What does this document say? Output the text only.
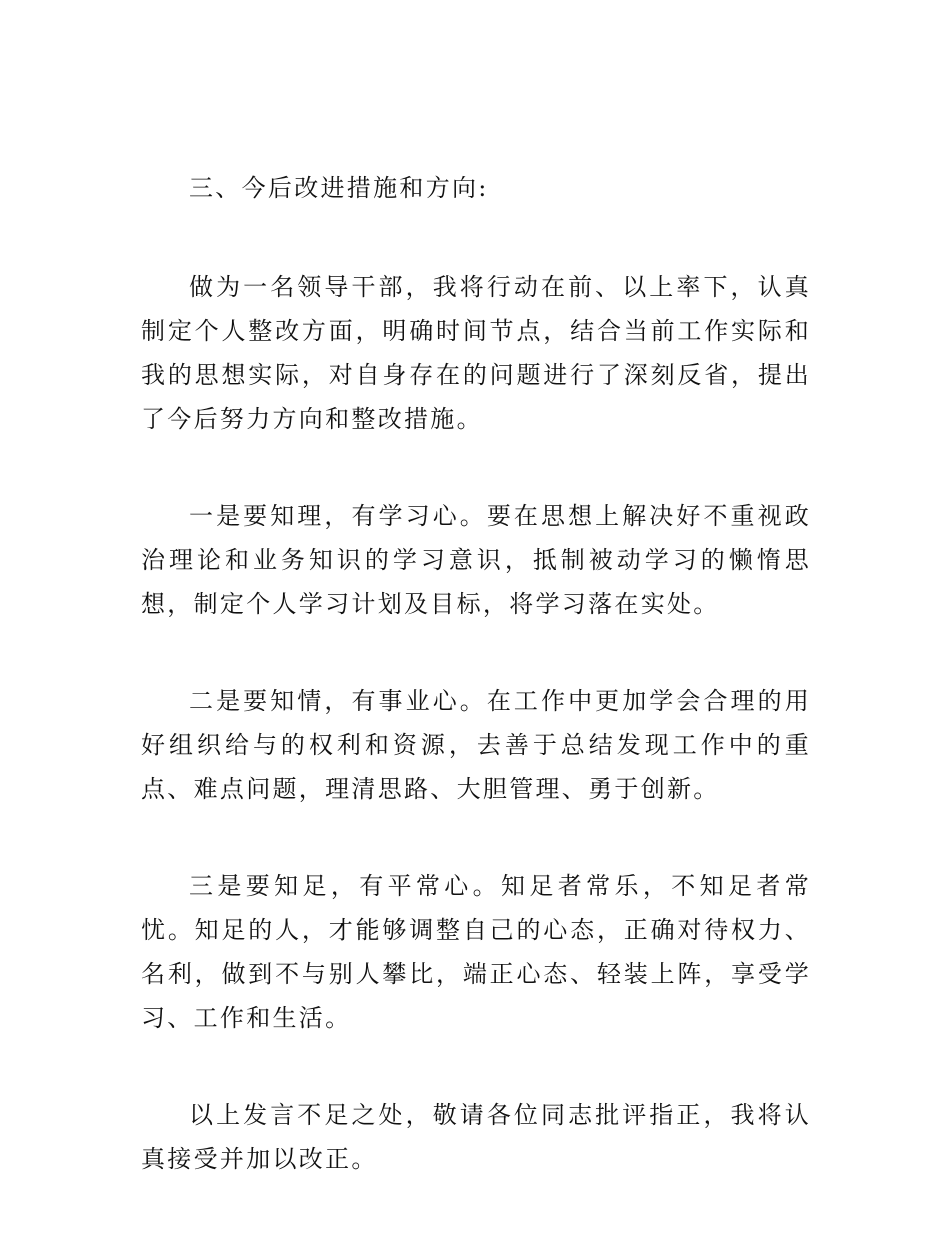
三、今后改进措施和方向:

做为一名领导干部，我将行动在前、以上率下，认真制定个人整改方面，明确时间节点，结合当前工作实际和我的思想实际，对自身存在的问题进行了深刻反省，提出了今后努力方向和整改措施。

一是要知理，有学习心。要在思想上解决好不重视政治理论和业务知识的学习意识，抵制被动学习的懒惰思想，制定个人学习计划及目标，将学习落在实处。

二是要知情，有事业心。在工作中更加学会合理的用好组织给与的权利和资源，去善于总结发现工作中的重点、难点问题，理清思路、大胆管理、勇于创新。

三是要知足，有平常心。知足者常乐，不知足者常忧。知足的人，才能够调整自己的心态，正确对待权力、名利，做到不与别人攀比，端正心态、轻装上阵，享受学习、工作和生活。

以上发言不足之处，敬请各位同志批评指正，我将认真接受并加以改正。
